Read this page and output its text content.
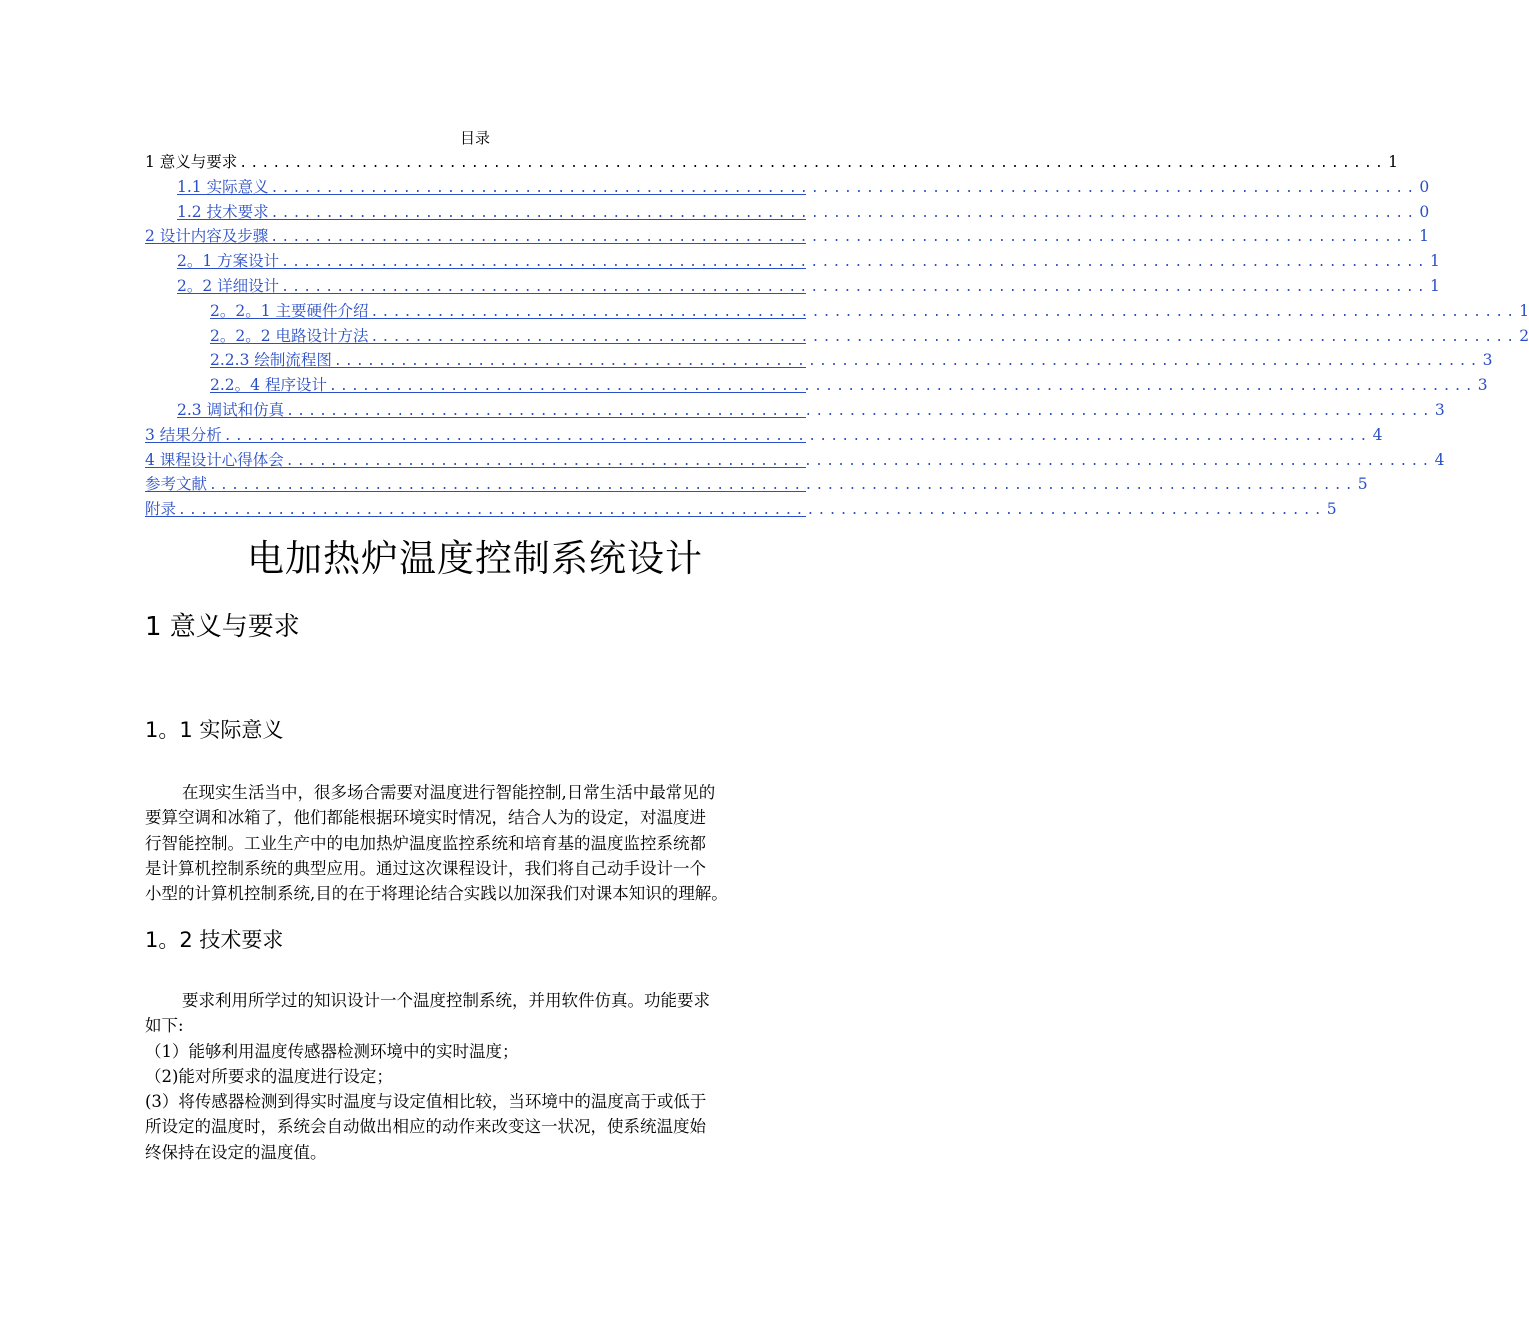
目录
1 意义与要求 ........................................................................................................ 1
1.1 实际意义 ........................................................................................................ 0
1.2 技术要求 ........................................................................................................ 0
2 设计内容及步骤 ........................................................................................................ 1
2。1 方案设计 ........................................................................................................ 1
2。2 详细设计 ........................................................................................................ 1
2。2。1 主要硬件介绍 ........................................................................................................ 1
2。2。2 电路设计方法 ........................................................................................................ 2
2.2.3 绘制流程图 ........................................................................................................ 3
2.2。4 程序设计 ........................................................................................................ 3
2.3 调试和仿真 ........................................................................................................ 3
3 结果分析 ........................................................................................................ 4
4 课程设计心得体会 ........................................................................................................ 4
参考文献 ........................................................................................................ 5
附录 ........................................................................................................ 5
电加热炉温度控制系统设计
1 意义与要求
1。1 实际意义
在现实生活当中，很多场合需要对温度进行智能控制,日常生活中最常见的
要算空调和冰箱了，他们都能根据环境实时情况，结合人为的设定，对温度进
行智能控制。工业生产中的电加热炉温度监控系统和培育基的温度监控系统都
是计算机控制系统的典型应用。通过这次课程设计，我们将自己动手设计一个
小型的计算机控制系统,目的在于将理论结合实践以加深我们对课本知识的理解。
1。2 技术要求
要求利用所学过的知识设计一个温度控制系统，并用软件仿真。功能要求
如下:
（1）能够利用温度传感器检测环境中的实时温度；
（2)能对所要求的温度进行设定；
(3）将传感器检测到得实时温度与设定值相比较，当环境中的温度高于或低于
所设定的温度时，系统会自动做出相应的动作来改变这一状况，使系统温度始
终保持在设定的温度值。
